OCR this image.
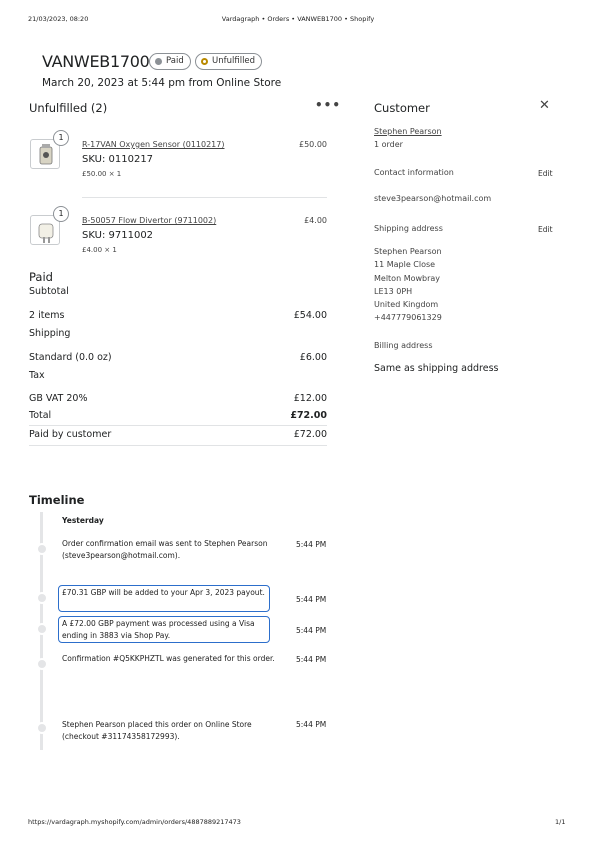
21/03/2023, 08:20	Vardagraph • Orders • VANWEB1700 • Shopify
VANWEB1700	Paid	Unfulfilled
March 20, 2023 at 5:44 pm from Online Store
Unfulfilled (2)	•••
1
R-17VAN Oxygen Sensor (0110217)
SKU: 0110217
£50.00 × 1
£50.00
1
B-50057 Flow Divertor (9711002)
SKU: 9711002
£4.00 × 1
£4.00
Paid
Subtotal
2 items	£54.00
Shipping
Standard (0.0 oz)	£6.00
Tax
GB VAT 20%	£12.00
Total	£72.00
Paid by customer	£72.00
Customer	✕
Stephen Pearson
1 order
Contact information	Edit
steve3pearson@hotmail.com
Shipping address	Edit
Stephen Pearson
11 Maple Close
Melton Mowbray
LE13 0PH
United Kingdom
+447779061329
Billing address
Same as shipping address
Timeline
Yesterday
Order confirmation email was sent to Stephen Pearson (steve3pearson@hotmail.com).
5:44 PM
£70.31 GBP will be added to your Apr 3, 2023 payout.
5:44 PM
A £72.00 GBP payment was processed using a Visa ending in 3883 via Shop Pay.
5:44 PM
Confirmation #Q5KKPHZTL was generated for this order.	5:44 PM
Stephen Pearson placed this order on Online Store (checkout #31174358172993).
5:44 PM
https://vardagraph.myshopify.com/admin/orders/4887889217473	1/1
